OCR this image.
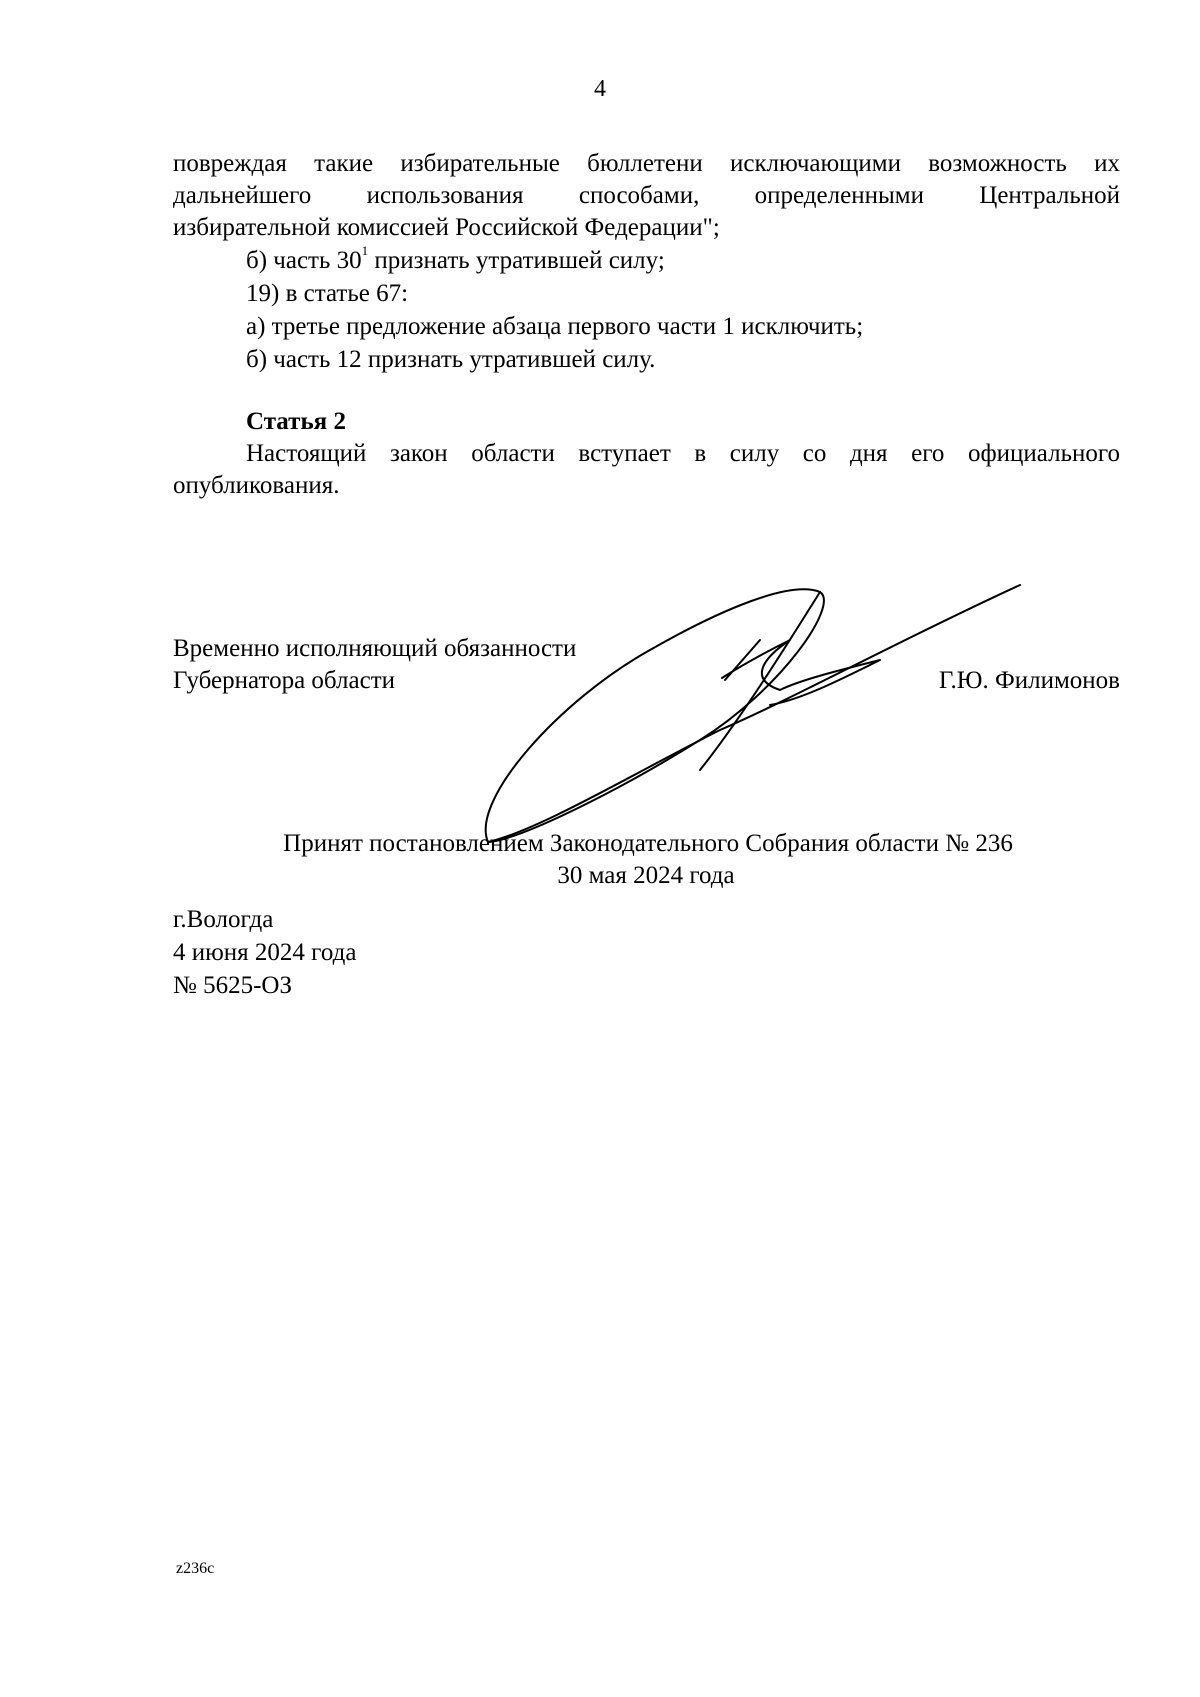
4
повреждая такие избирательные бюллетени исключающими возможность их
дальнейшего использования способами, определенными Центральной
избирательной комиссией Российской Федерации";
б) часть $30^1$ признать утратившей силу;
19) в статье 67:
а) третье предложение абзаца первого части 1 исключить;
б) часть 12 признать утратившей силу.
Статья 2
Настоящий закон области вступает в силу со дня его официального
опубликования.
Временно исполняющий обязанности
Губернатора области	Г.Ю. Филимонов
Принят постановлением Законодательного Собрания области № 236
30 мая 2024 года
г.Вологда
4 июня 2024 года
№ 5625-ОЗ
z236c
